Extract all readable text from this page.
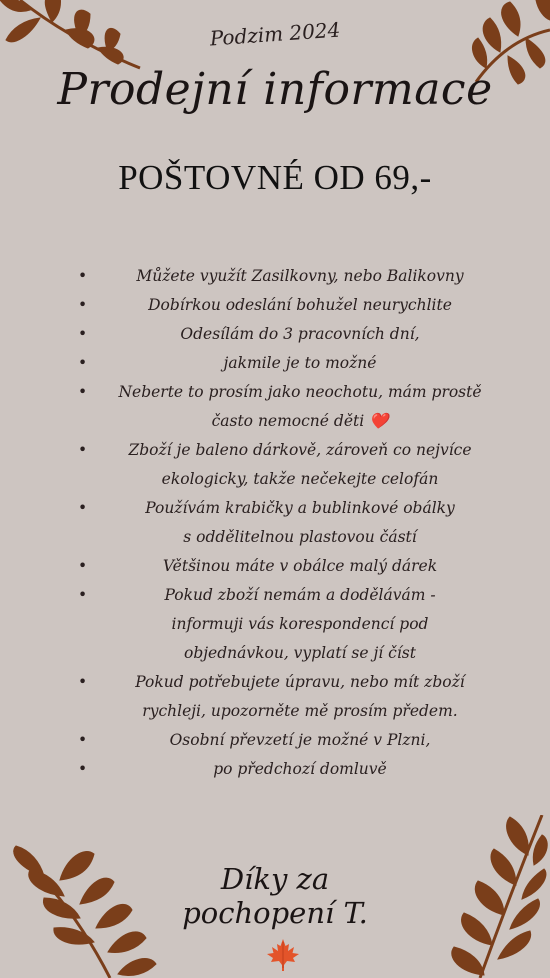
Podzim 2024
Prodejní informace
POŠTOVNÉ OD 69,-
•	Můžete využít Zasilkovny, nebo Balikovny
•	Dobírkou odeslání bohužel neurychlite
•	Odesílám do 3 pracovních dní,
•	jakmile je to možné
•	Neberte to prosím jako neochotu, mám prostě
často nemocné děti ❤️
•	Zboží je baleno dárkově, zároveň co nejvíce
ekologicky, takže nečekejte celofán
•	Používám krabičky a bublinkové obálky
s oddělitelnou plastovou částí
•	Většinou máte v obálce malý dárek
•	Pokud zboží nemám a dodělávám -
informuji vás korespondencí pod
objednávkou, vyplatí se jí číst
•	Pokud potřebujete úpravu, nebo mít zboží
rychleji, upozorněte mě prosím předem.
•	Osobní převzetí je možné v Plzni,
•	po předchozí domluvě
Díky za
pochopení T.
